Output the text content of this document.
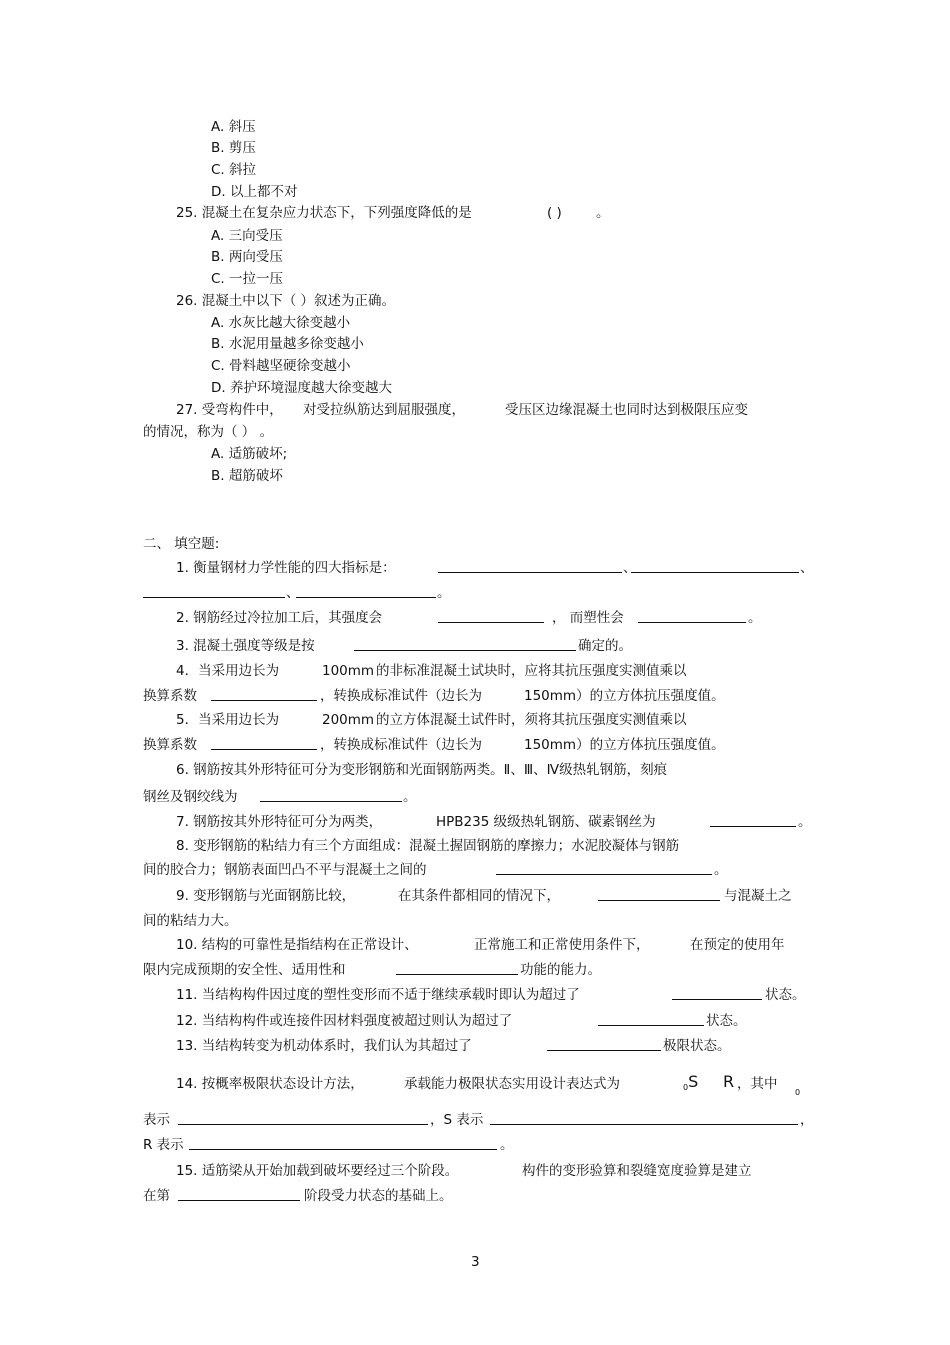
A. 斜压
B. 剪压
C. 斜拉
D. 以上都不对
25. 混凝土在复杂应力状态下，下列强度降低的是	( )	。
A. 三向受压
B. 两向受压
C. 一拉一压
26. 混凝土中以下（ ）叙述为正确。
A. 水灰比越大徐变越小
B. 水泥用量越多徐变越小
C. 骨料越坚硬徐变越小
D. 养护环境湿度越大徐变越大
27. 受弯构件中， 对受拉纵筋达到屈服强度，	受压区边缘混凝土也同时达到极限压应变
的情况，称为（ ） 。
A. 适筋破坏;
B. 超筋破坏
二、 填空题:
1. 衡量钢材力学性能的四大指标是：	、	、
、	。
2. 钢筋经过冷拉加工后，其强度会	， 而塑性会	。
3. 混凝土强度等级是按	确定的。
4．当采用边长为	100mm 的非标准混凝土试块时，应将其抗压强度实测值乘以
换算系数	，转换成标准试件（边长为	150mm）的立方体抗压强度值。
5．当采用边长为	200mm 的立方体混凝土试件时，须将其抗压强度实测值乘以
换算系数	，转换成标准试件（边长为	150mm）的立方体抗压强度值。
6. 钢筋按其外形特征可分为变形钢筋和光面钢筋两类。Ⅱ、Ⅲ、Ⅳ级热轧钢筋，刻痕
钢丝及钢绞线为	。
7. 钢筋按其外形特征可分为两类，	HPB235 级级热轧钢筋、碳素钢丝为	。
8. 变形钢筋的粘结力有三个方面组成：混凝土握固钢筋的摩擦力；水泥胶凝体与钢筋
间的胶合力；钢筋表面凹凸不平与混凝土之间的	。
9. 变形钢筋与光面钢筋比较，	在其条件都相同的情况下，	与混凝土之
间的粘结力大。
10. 结构的可靠性是指结构在正常设计、	正常施工和正常使用条件下，	在预定的使用年
限内完成预期的安全性、适用性和	功能的能力。
11. 当结构构件因过度的塑性变形而不适于继续承载时即认为超过了	状态。
12. 当结构构件或连接件因材料强度被超过则认为超过了	状态。
13. 当结构转变为机动体系时，我们认为其超过了	极限状态。
14. 按概率极限状态设计方法，	承载能力极限状态实用设计表达式为	$_0$S R ，其中
$_0$
表示	，S 表示	，
R 表示	。
15. 适筋梁从开始加载到破坏要经过三个阶段。	构件的变形验算和裂缝宽度验算是建立
在第	阶段受力状态的基础上。
3
